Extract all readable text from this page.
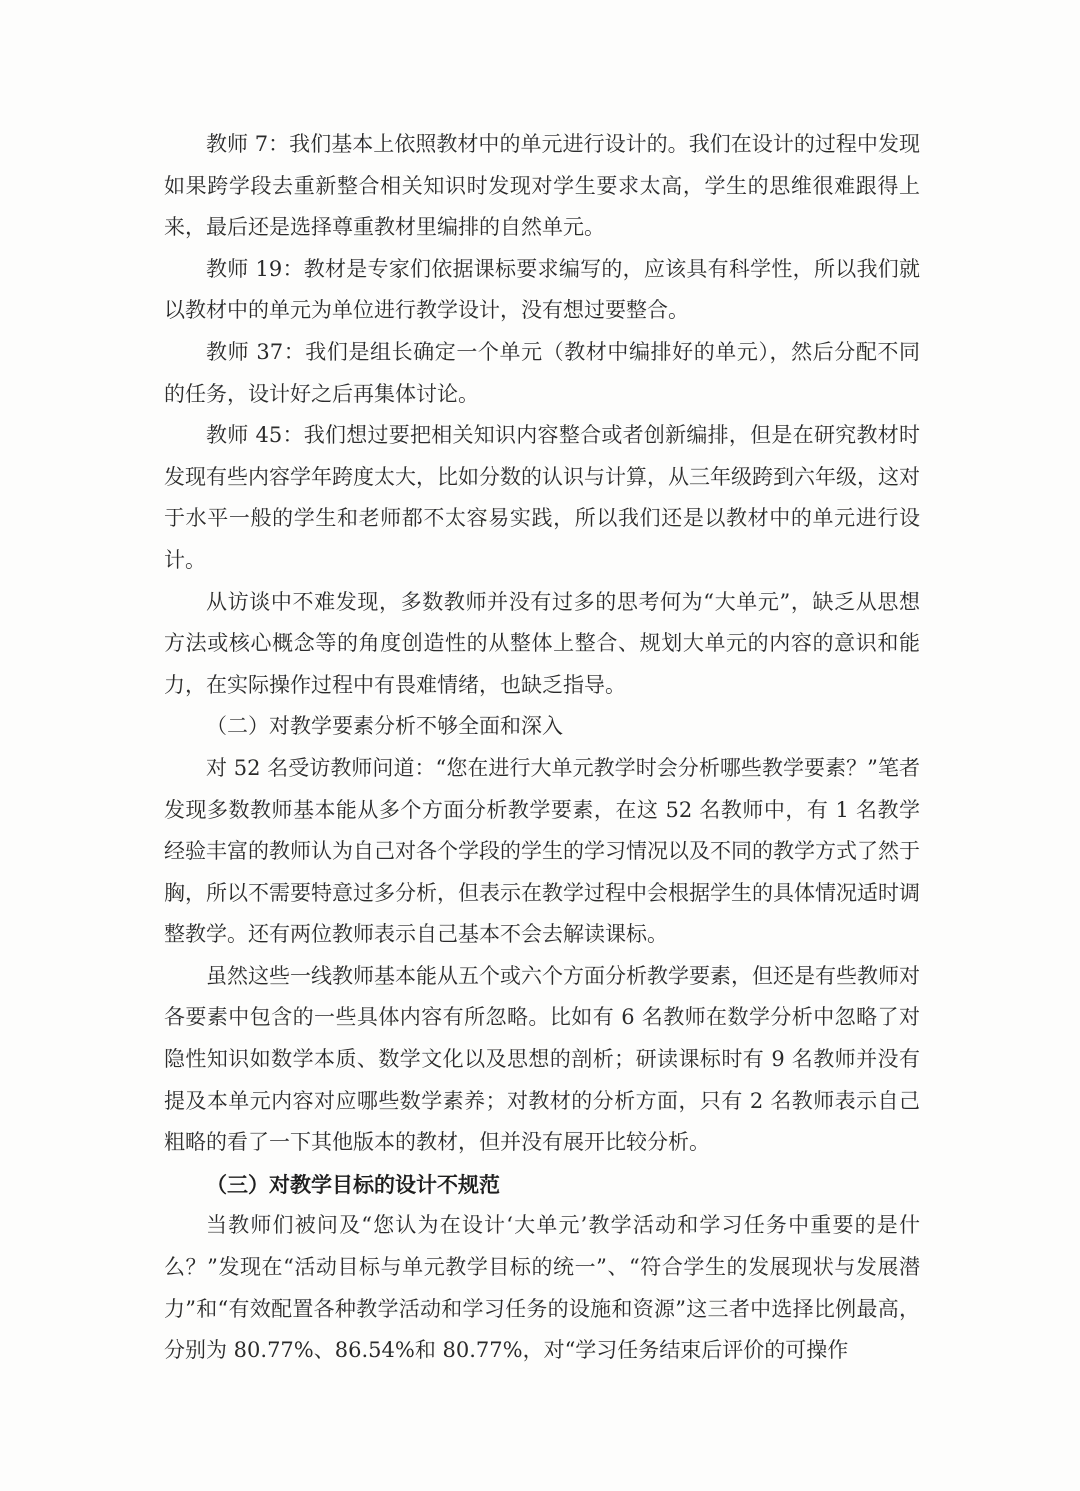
教师 7：我们基本上依照教材中的单元进行设计的。我们在设计的过程中发现如果跨学段去重新整合相关知识时发现对学生要求太高，学生的思维很难跟得上来，最后还是选择尊重教材里编排的自然单元。

教师 19：教材是专家们依据课标要求编写的，应该具有科学性，所以我们就以教材中的单元为单位进行教学设计，没有想过要整合。

教师 37：我们是组长确定一个单元（教材中编排好的单元），然后分配不同的任务，设计好之后再集体讨论。

教师 45：我们想过要把相关知识内容整合或者创新编排，但是在研究教材时发现有些内容学年跨度太大，比如分数的认识与计算，从三年级跨到六年级，这对于水平一般的学生和老师都不太容易实践，所以我们还是以教材中的单元进行设计。

从访谈中不难发现，多数教师并没有过多的思考何为“大单元”，缺乏从思想方法或核心概念等的角度创造性的从整体上整合、规划大单元的内容的意识和能力，在实际操作过程中有畏难情绪，也缺乏指导。

（二）对教学要素分析不够全面和深入

对 52 名受访教师问道：“您在进行大单元教学时会分析哪些教学要素？”笔者发现多数教师基本能从多个方面分析教学要素，在这 52 名教师中，有 1 名教学经验丰富的教师认为自己对各个学段的学生的学习情况以及不同的教学方式了然于胸，所以不需要特意过多分析，但表示在教学过程中会根据学生的具体情况适时调整教学。还有两位教师表示自己基本不会去解读课标。

虽然这些一线教师基本能从五个或六个方面分析教学要素，但还是有些教师对各要素中包含的一些具体内容有所忽略。比如有 6 名教师在数学分析中忽略了对隐性知识如数学本质、数学文化以及思想的剖析；研读课标时有 9 名教师并没有提及本单元内容对应哪些数学素养；对教材的分析方面，只有 2 名教师表示自己粗略的看了一下其他版本的教材，但并没有展开比较分析。

（三）对教学目标的设计不规范

当教师们被问及“您认为在设计‘大单元’教学活动和学习任务中重要的是什么？”发现在“活动目标与单元教学目标的统一”、“符合学生的发展现状与发展潜力”和“有效配置各种教学活动和学习任务的设施和资源”这三者中选择比例最高，分别为 80.77%、86.54%和 80.77%，对“学习任务结束后评价的可操作
